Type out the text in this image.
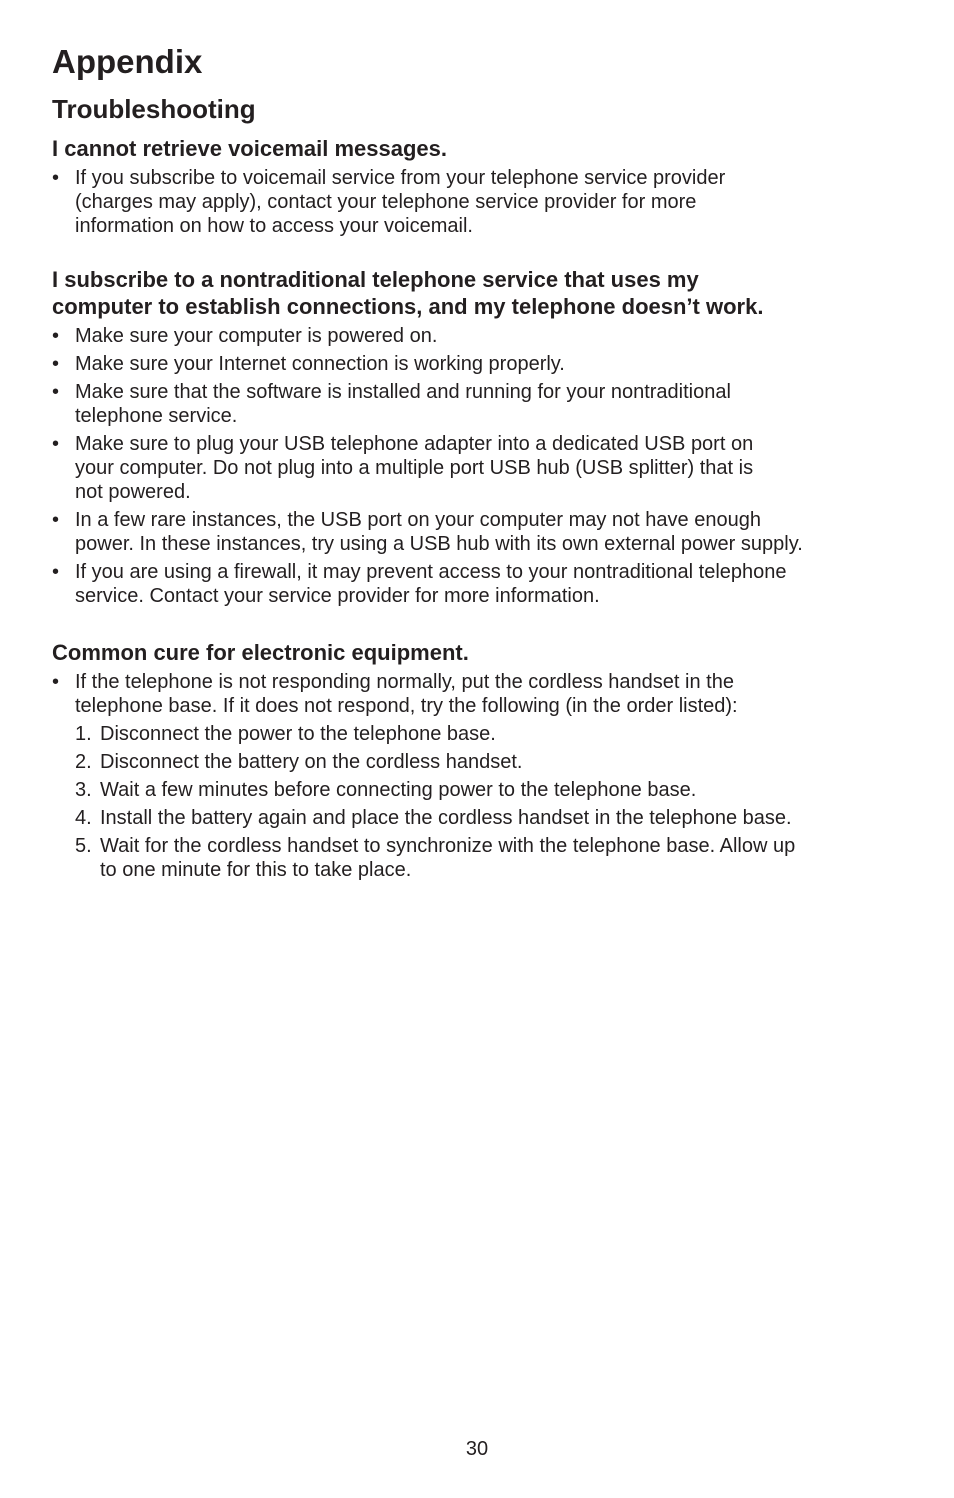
Appendix
Troubleshooting
I cannot retrieve voicemail messages.
• If you subscribe to voicemail service from your telephone service provider
(charges may apply), contact your telephone service provider for more
information on how to access your voicemail.
I subscribe to a nontraditional telephone service that uses my
computer to establish connections, and my telephone doesn’t work.
• Make sure your computer is powered on.
• Make sure your Internet connection is working properly.
• Make sure that the software is installed and running for your nontraditional
telephone service.
• Make sure to plug your USB telephone adapter into a dedicated USB port on
your computer. Do not plug into a multiple port USB hub (USB splitter) that is
not powered.
• In a few rare instances, the USB port on your computer may not have enough
power. In these instances, try using a USB hub with its own external power supply.
• If you are using a firewall, it may prevent access to your nontraditional telephone
service. Contact your service provider for more information.
Common cure for electronic equipment.
• If the telephone is not responding normally, put the cordless handset in the
telephone base. If it does not respond, try the following (in the order listed):
1. Disconnect the power to the telephone base.
2. Disconnect the battery on the cordless handset.
3. Wait a few minutes before connecting power to the telephone base.
4. Install the battery again and place the cordless handset in the telephone base.
5. Wait for the cordless handset to synchronize with the telephone base. Allow up
to one minute for this to take place.
30
